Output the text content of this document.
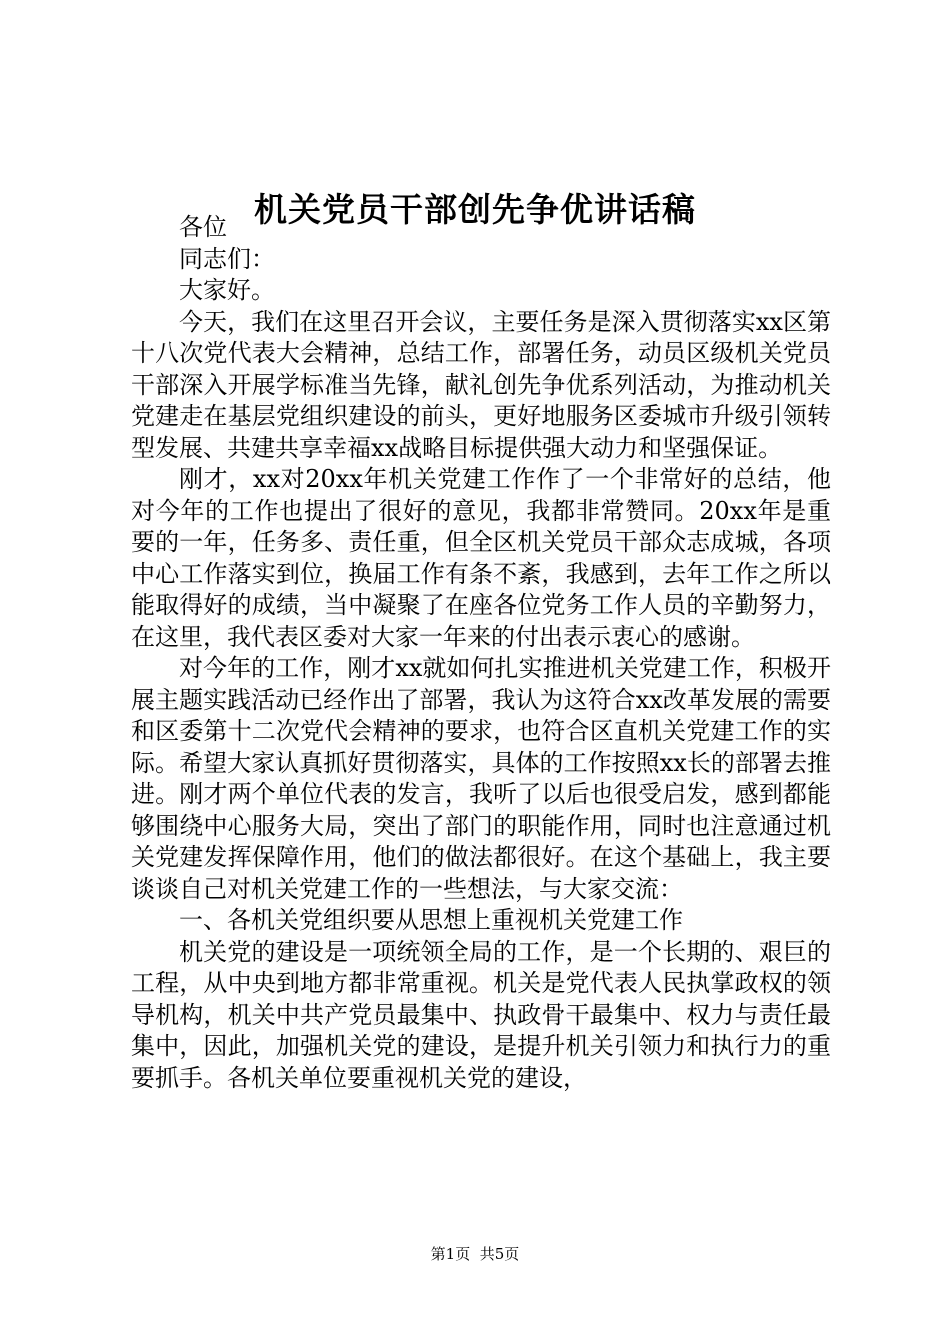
机关党员干部创先争优讲话稿

各位

同志们：

大家好。

今天，我们在这里召开会议，主要任务是深入贯彻落实xx区第十八次党代表大会精神，总结工作，部署任务，动员区级机关党员干部深入开展学标准当先锋，献礼创先争优系列活动，为推动机关党建走在基层党组织建设的前头，更好地服务区委城市升级引领转型发展、共建共享幸福xx战略目标提供强大动力和坚强保证。

刚才，xx对20xx年机关党建工作作了一个非常好的总结，他对今年的工作也提出了很好的意见，我都非常赞同。20xx年是重要的一年，任务多、责任重，但全区机关党员干部众志成城，各项中心工作落实到位，换届工作有条不紊，我感到，去年工作之所以能取得好的成绩，当中凝聚了在座各位党务工作人员的辛勤努力，在这里，我代表区委对大家一年来的付出表示衷心的感谢。

对今年的工作，刚才xx就如何扎实推进机关党建工作，积极开展主题实践活动已经作出了部署，我认为这符合xx改革发展的需要和区委第十二次党代会精神的要求，也符合区直机关党建工作的实际。希望大家认真抓好贯彻落实，具体的工作按照xx长的部署去推进。刚才两个单位代表的发言，我听了以后也很受启发，感到都能够围绕中心服务大局，突出了部门的职能作用，同时也注意通过机关党建发挥保障作用，他们的做法都很好。在这个基础上，我主要谈谈自己对机关党建工作的一些想法，与大家交流：

一、各机关党组织要从思想上重视机关党建工作

机关党的建设是一项统领全局的工作，是一个长期的、艰巨的工程，从中央到地方都非常重视。机关是党代表人民执掌政权的领导机构，机关中共产党员最集中、执政骨干最集中、权力与责任最集中，因此，加强机关党的建设，是提升机关引领力和执行力的重要抓手。各机关单位要重视机关党的建设，

第1页 共5页
